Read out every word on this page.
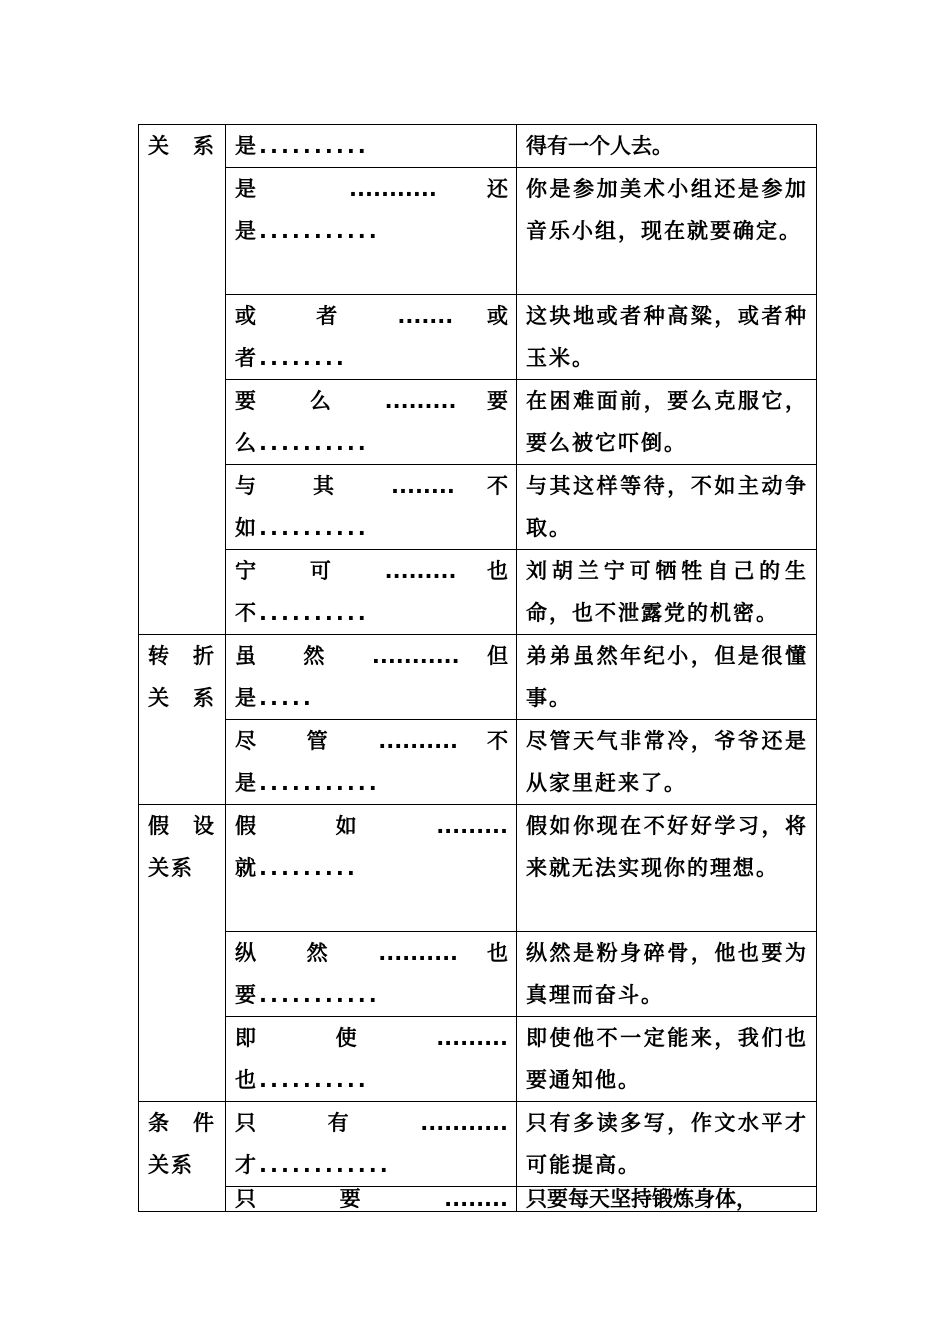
关 系	是..........	得有一个人去。

	是 ........... 还
是...........	你是参加美术小组还是参加音乐小组，现在就要确定。

	或 者 ....... 或
者........	这块地或者种高粱，或者种玉米。

	要 么 ......... 要
么..........	在困难面前，要么克服它，要么被它吓倒。

	与 其 ........ 不
如..........	与其这样等待，不如主动争取。

	宁 可 ......... 也
不..........	刘胡兰宁可牺牲自己的生命，也不泄露党的机密。
转 折 关 系	虽 然 ........... 但
是.....	弟弟虽然年纪小，但是很懂事。

	尽 管 .......... 不
是...........	尽管天气非常冷，爷爷还是从家里赶来了。
假 设 关系	假 如 .........
就.........	假如你现在不好好学习，将来就无法实现你的理想。

	纵 然 .......... 也
要...........	纵然是粉身碎骨，他也要为真理而奋斗。

	即 使 .........
也..........	即使他不一定能来，我们也要通知他。
条 件 关系	只 有 ...........
才............	只有多读多写，作文水平才可能提高。

	只 要 ........	只要每天坚持锻炼身体，
